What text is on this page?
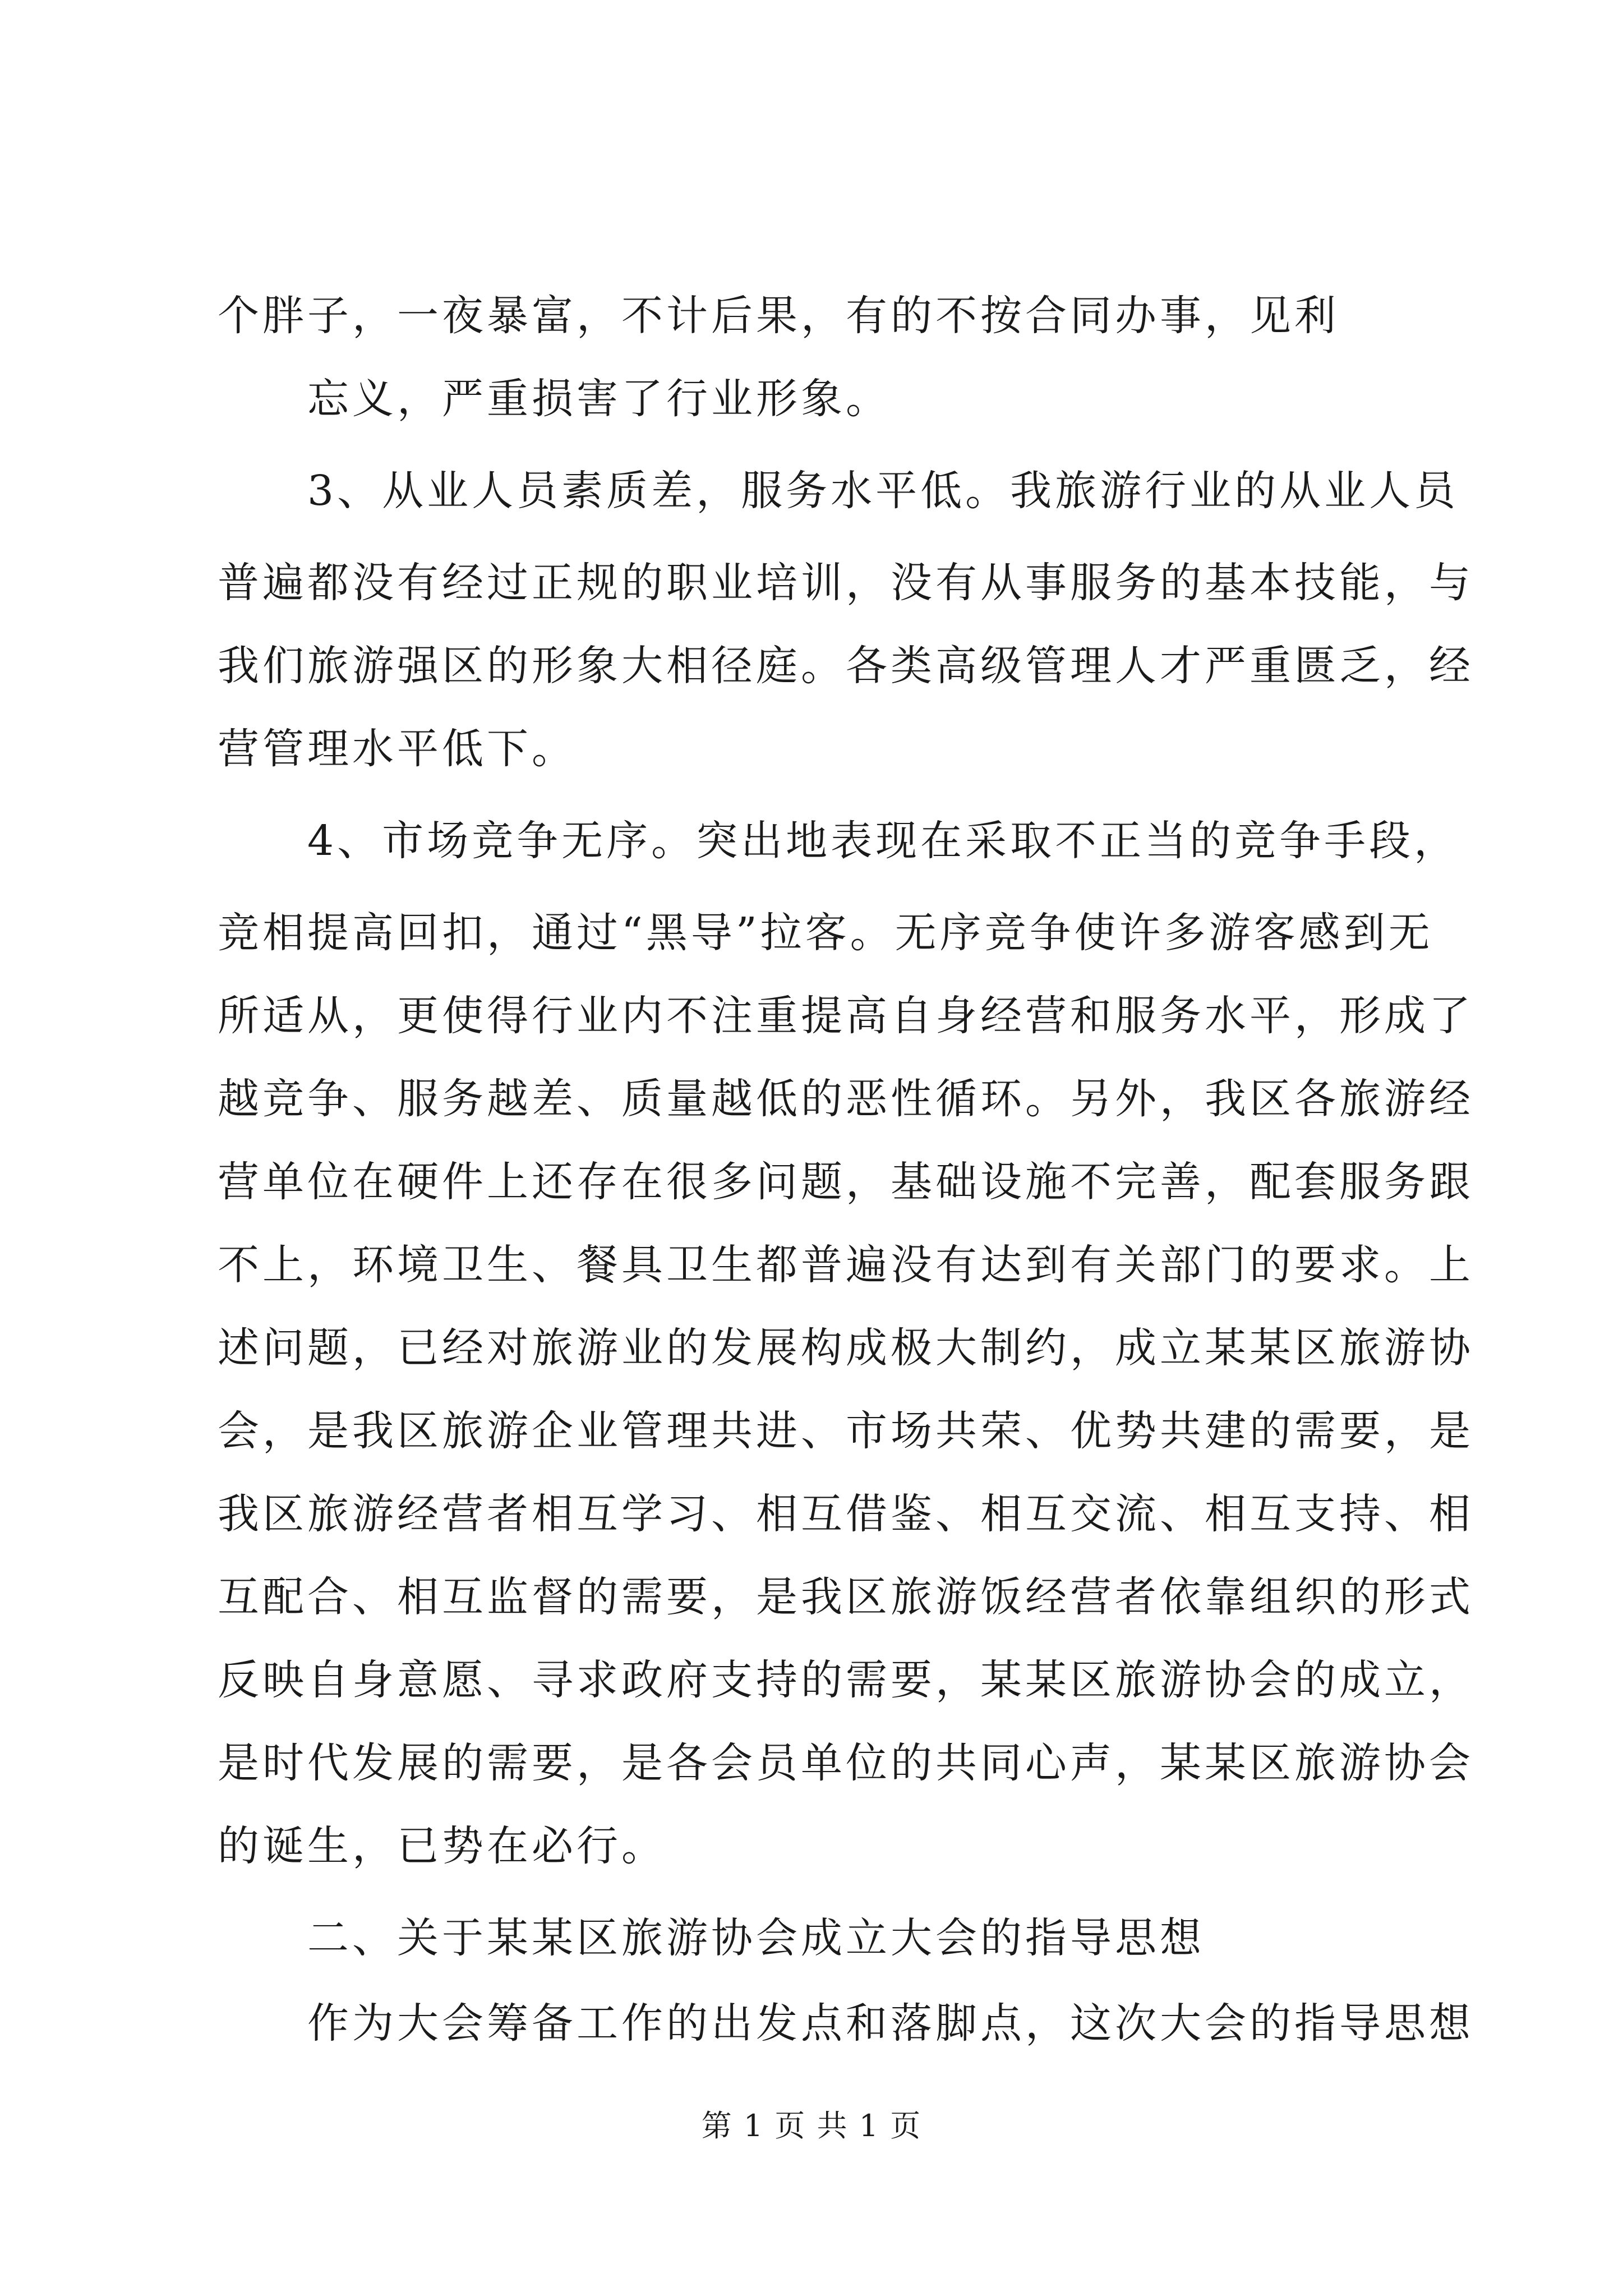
个胖子，一夜暴富，不计后果，有的不按合同办事，见利
忘义，严重损害了行业形象。
3、从业人员素质差，服务水平低。我旅游行业的从业人员
普遍都没有经过正规的职业培训，没有从事服务的基本技能，与
我们旅游强区的形象大相径庭。各类高级管理人才严重匮乏，经
营管理水平低下。
4、市场竞争无序。突出地表现在采取不正当的竞争手段，
竞相提高回扣，通过“黑导”拉客。无序竞争使许多游客感到无
所适从，更使得行业内不注重提高自身经营和服务水平，形成了
越竞争、服务越差、质量越低的恶性循环。另外，我区各旅游经
营单位在硬件上还存在很多问题，基础设施不完善，配套服务跟
不上，环境卫生、餐具卫生都普遍没有达到有关部门的要求。上
述问题，已经对旅游业的发展构成极大制约，成立某某区旅游协
会，是我区旅游企业管理共进、市场共荣、优势共建的需要，是
我区旅游经营者相互学习、相互借鉴、相互交流、相互支持、相
互配合、相互监督的需要，是我区旅游饭经营者依靠组织的形式
反映自身意愿、寻求政府支持的需要，某某区旅游协会的成立，
是时代发展的需要，是各会员单位的共同心声，某某区旅游协会
的诞生，已势在必行。
二、关于某某区旅游协会成立大会的指导思想
作为大会筹备工作的出发点和落脚点，这次大会的指导思想
第 1 页 共 1 页
